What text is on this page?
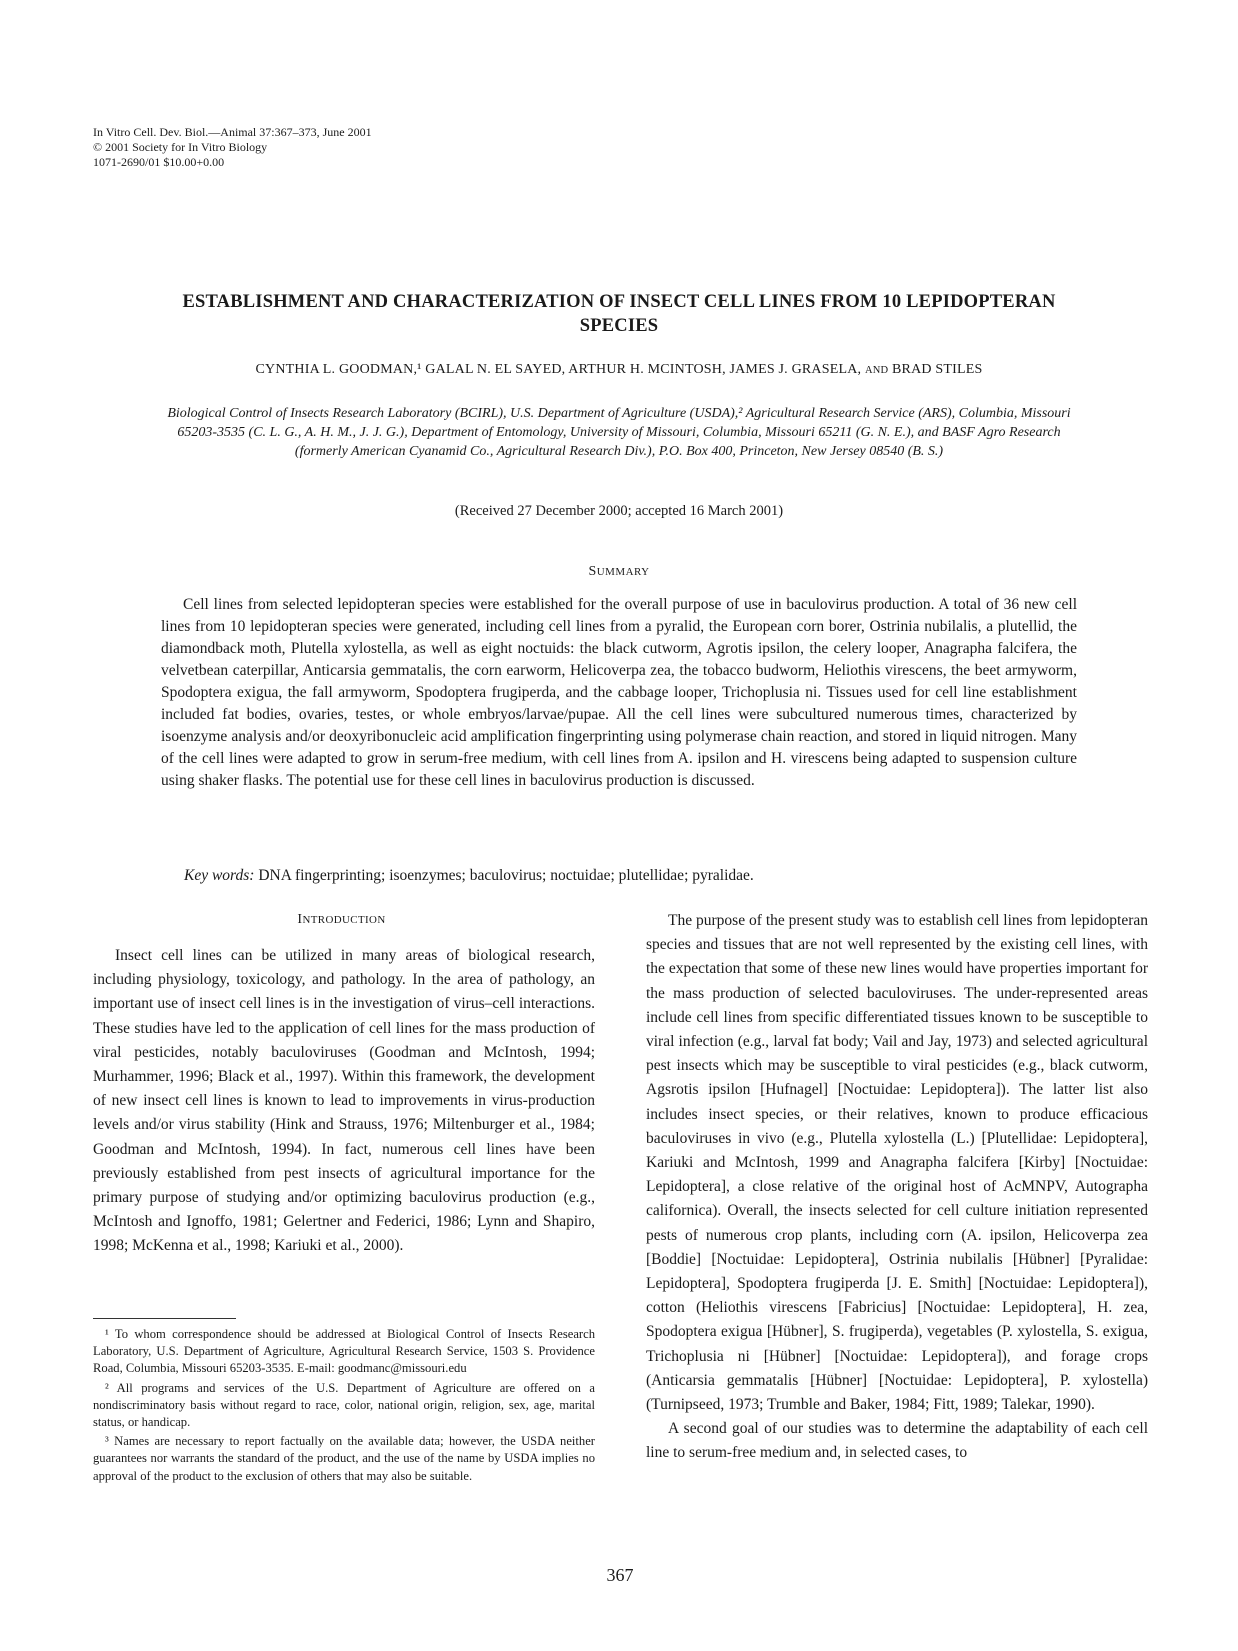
In Vitro Cell. Dev. Biol.—Animal 37:367–373, June 2001
© 2001 Society for In Vitro Biology
1071-2690/01 $10.00+0.00
ESTABLISHMENT AND CHARACTERIZATION OF INSECT CELL LINES FROM 10 LEPIDOPTERAN SPECIES
CYNTHIA L. GOODMAN,¹ GALAL N. EL SAYED, ARTHUR H. MCINTOSH, JAMES J. GRASELA, AND BRAD STILES
Biological Control of Insects Research Laboratory (BCIRL), U.S. Department of Agriculture (USDA),² Agricultural Research Service (ARS), Columbia, Missouri 65203-3535 (C. L. G., A. H. M., J. J. G.), Department of Entomology, University of Missouri, Columbia, Missouri 65211 (G. N. E.), and BASF Agro Research (formerly American Cyanamid Co., Agricultural Research Div.), P.O. Box 400, Princeton, New Jersey 08540 (B. S.)
(Received 27 December 2000; accepted 16 March 2001)
SUMMARY
Cell lines from selected lepidopteran species were established for the overall purpose of use in baculovirus production. A total of 36 new cell lines from 10 lepidopteran species were generated, including cell lines from a pyralid, the European corn borer, Ostrinia nubilalis, a plutellid, the diamondback moth, Plutella xylostella, as well as eight noctuids: the black cutworm, Agrotis ipsilon, the celery looper, Anagrapha falcifera, the velvetbean caterpillar, Anticarsia gemmatalis, the corn earworm, Helicoverpa zea, the tobacco budworm, Heliothis virescens, the beet armyworm, Spodoptera exigua, the fall armyworm, Spodoptera frugiperda, and the cabbage looper, Trichoplusia ni. Tissues used for cell line establishment included fat bodies, ovaries, testes, or whole embryos/larvae/pupae. All the cell lines were subcultured numerous times, characterized by isoenzyme analysis and/or deoxyribonucleic acid amplification fingerprinting using polymerase chain reaction, and stored in liquid nitrogen. Many of the cell lines were adapted to grow in serum-free medium, with cell lines from A. ipsilon and H. virescens being adapted to suspension culture using shaker flasks. The potential use for these cell lines in baculovirus production is discussed.
Key words: DNA fingerprinting; isoenzymes; baculovirus; noctuidae; plutellidae; pyralidae.
INTRODUCTION

Insect cell lines can be utilized in many areas of biological research, including physiology, toxicology, and pathology. In the area of pathology, an important use of insect cell lines is in the investigation of virus–cell interactions. These studies have led to the application of cell lines for the mass production of viral pesticides, notably baculoviruses (Goodman and McIntosh, 1994; Murhammer, 1996; Black et al., 1997). Within this framework, the development of new insect cell lines is known to lead to improvements in virus-production levels and/or virus stability (Hink and Strauss, 1976; Miltenburger et al., 1984; Goodman and McIntosh, 1994). In fact, numerous cell lines have been previously established from pest insects of agricultural importance for the primary purpose of studying and/or optimizing baculovirus production (e.g., McIntosh and Ignoffo, 1981; Gelertner and Federici, 1986; Lynn and Shapiro, 1998; McKenna et al., 1998; Kariuki et al., 2000).

The purpose of the present study was to establish cell lines from lepidopteran species and tissues that are not well represented by the existing cell lines, with the expectation that some of these new lines would have properties important for the mass production of selected baculoviruses. The under-represented areas include cell lines from specific differentiated tissues known to be susceptible to viral infection (e.g., larval fat body; Vail and Jay, 1973) and selected agricultural pest insects which may be susceptible to viral pesticides (e.g., black cutworm, Agsrotis ipsilon [Hufnagel] [Noctuidae: Lepidoptera]). The latter list also includes insect species, or their relatives, known to produce efficacious baculoviruses in vivo (e.g., Plutella xylostella (L.) [Plutellidae: Lepidoptera], Kariuki and McIntosh, 1999 and Anagrapha falcifera [Kirby] [Noctuidae: Lepidoptera], a close relative of the original host of AcMNPV, Autographa californica). Overall, the insects selected for cell culture initiation represented pests of numerous crop plants, including corn (A. ipsilon, Helicoverpa zea [Boddie] [Noctuidae: Lepidoptera], Ostrinia nubilalis [Hübner] [Pyralidae: Lepidoptera], Spodoptera frugiperda [J. E. Smith] [Noctuidae: Lepidoptera]), cotton (Heliothis virescens [Fabricius] [Noctuidae: Lepidoptera], H. zea, Spodoptera exigua [Hübner], S. frugiperda), vegetables (P. xylostella, S. exigua, Trichoplusia ni [Hübner] [Noctuidae: Lepidoptera]), and forage crops (Anticarsia gemmatalis [Hübner] [Noctuidae: Lepidoptera], P. xylostella) (Turnipseed, 1973; Trumble and Baker, 1984; Fitt, 1989; Talekar, 1990).

A second goal of our studies was to determine the adaptability of each cell line to serum-free medium and, in selected cases, to

¹ To whom correspondence should be addressed at Biological Control of Insects Research Laboratory, U.S. Department of Agriculture, Agricultural Research Service, 1503 S. Providence Road, Columbia, Missouri 65203-3535. E-mail: goodmanc@missouri.edu

² All programs and services of the U.S. Department of Agriculture are offered on a nondiscriminatory basis without regard to race, color, national origin, religion, sex, age, marital status, or handicap.

³ Names are necessary to report factually on the available data; however, the USDA neither guarantees nor warrants the standard of the product, and the use of the name by USDA implies no approval of the product to the exclusion of others that may also be suitable.

367
